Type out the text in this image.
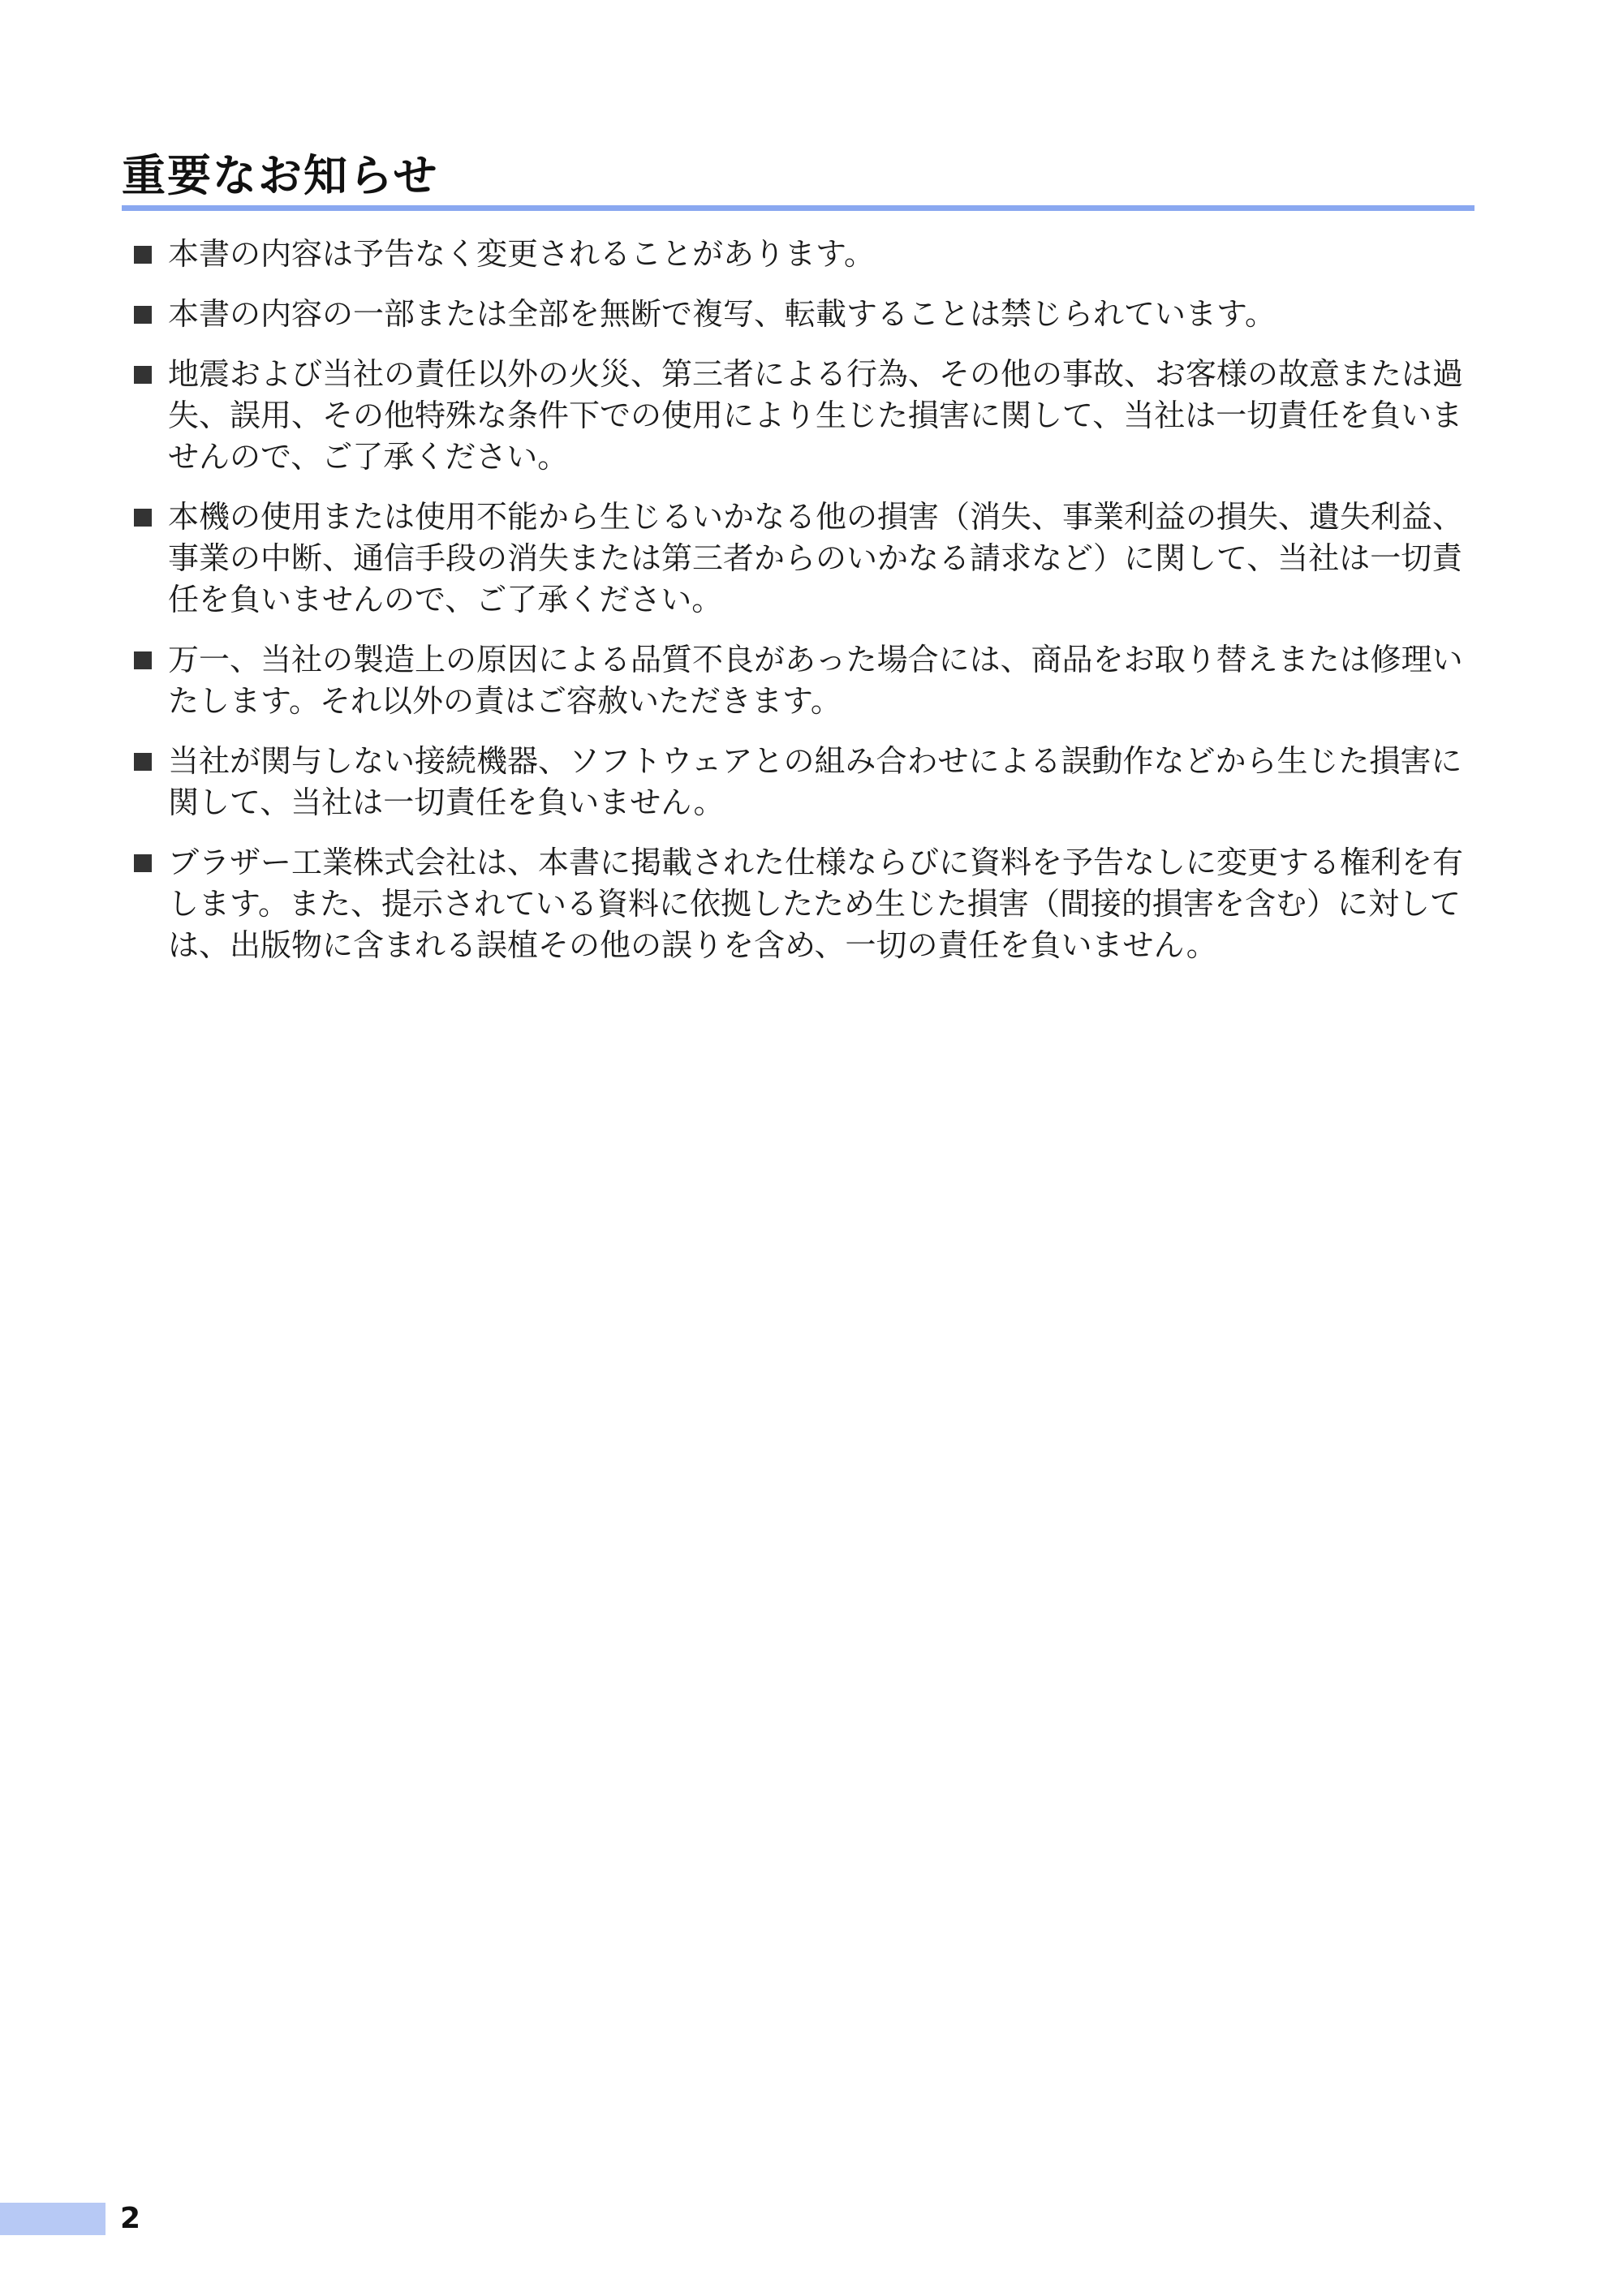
重要なお知らせ
本書の内容は予告なく変更されることがあります。
本書の内容の一部または全部を無断で複写、転載することは禁じられています。
地震および当社の責任以外の火災、第三者による行為、その他の事故、お客様の故意または過失、誤用、その他特殊な条件下での使用により生じた損害に関して、当社は一切責任を負いませんので、ご了承ください。
本機の使用または使用不能から生じるいかなる他の損害（消失、事業利益の損失、遺失利益、事業の中断、通信手段の消失または第三者からのいかなる請求など）に関して、当社は一切責任を負いませんので、ご了承ください。
万一、当社の製造上の原因による品質不良があった場合には、商品をお取り替えまたは修理いたします。それ以外の責はご容赦いただきます。
当社が関与しない接続機器、ソフトウェアとの組み合わせによる誤動作などから生じた損害に関して、当社は一切責任を負いません。
ブラザー工業株式会社は、本書に掲載された仕様ならびに資料を予告なしに変更する権利を有します。また、提示されている資料に依拠したため生じた損害（間接的損害を含む）に対しては、出版物に含まれる誤植その他の誤りを含め、一切の責任を負いません。
2
